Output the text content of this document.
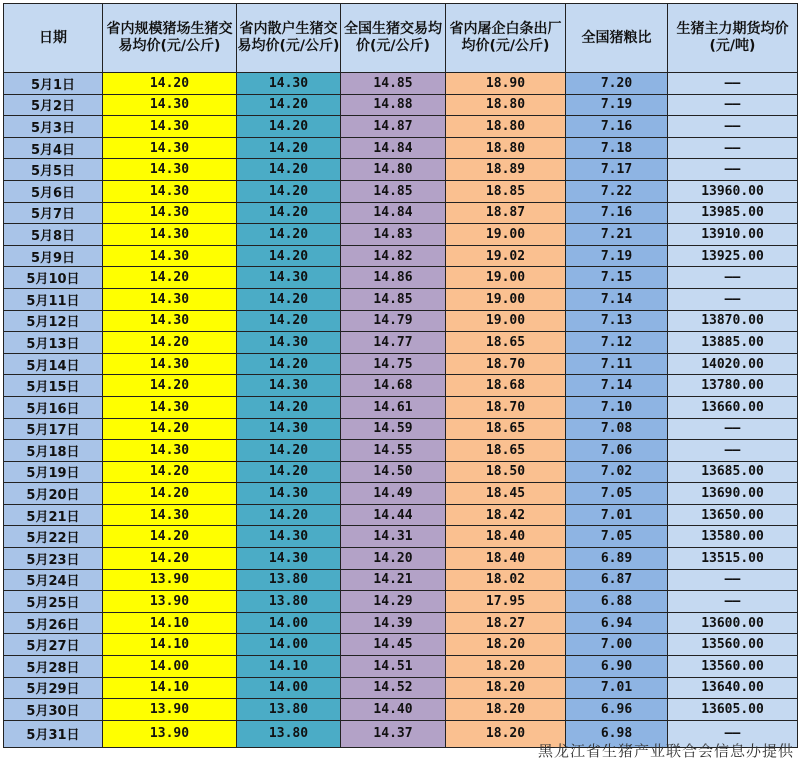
日期	省内规模猪场生猪交易均价(元/公斤)	省内散户生猪交易均价(元/公斤)	全国生猪交易均价(元/公斤)	省内屠企白条出厂均价(元/公斤)	全国猪粮比	生猪主力期货均价(元/吨)
5月1日	14.20	14.30	14.85	18.90	7.20	——
5月2日	14.30	14.20	14.88	18.80	7.19	——
5月3日	14.30	14.20	14.87	18.80	7.16	——
5月4日	14.30	14.20	14.84	18.80	7.18	——
5月5日	14.30	14.20	14.80	18.89	7.17	——
5月6日	14.30	14.20	14.85	18.85	7.22	13960.00
5月7日	14.30	14.20	14.84	18.87	7.16	13985.00
5月8日	14.30	14.20	14.83	19.00	7.21	13910.00
5月9日	14.30	14.20	14.82	19.02	7.19	13925.00
5月10日	14.20	14.30	14.86	19.00	7.15	——
5月11日	14.30	14.20	14.85	19.00	7.14	——
5月12日	14.30	14.20	14.79	19.00	7.13	13870.00
5月13日	14.20	14.30	14.77	18.65	7.12	13885.00
5月14日	14.30	14.20	14.75	18.70	7.11	14020.00
5月15日	14.20	14.30	14.68	18.68	7.14	13780.00
5月16日	14.30	14.20	14.61	18.70	7.10	13660.00
5月17日	14.20	14.30	14.59	18.65	7.08	——
5月18日	14.30	14.20	14.55	18.65	7.06	——
5月19日	14.20	14.20	14.50	18.50	7.02	13685.00
5月20日	14.20	14.30	14.49	18.45	7.05	13690.00
5月21日	14.30	14.20	14.44	18.42	7.01	13650.00
5月22日	14.20	14.30	14.31	18.40	7.05	13580.00
5月23日	14.20	14.30	14.20	18.40	6.89	13515.00
5月24日	13.90	13.80	14.21	18.02	6.87	——
5月25日	13.90	13.80	14.29	17.95	6.88	——
5月26日	14.10	14.00	14.39	18.27	6.94	13600.00
5月27日	14.10	14.00	14.45	18.20	7.00	13560.00
5月28日	14.00	14.10	14.51	18.20	6.90	13560.00
5月29日	14.10	14.00	14.52	18.20	7.01	13640.00
5月30日	13.90	13.80	14.40	18.20	6.96	13605.00
5月31日	13.90	13.80	14.37	18.20	6.98	——
黑龙江省生猪产业联合会信息办提供
